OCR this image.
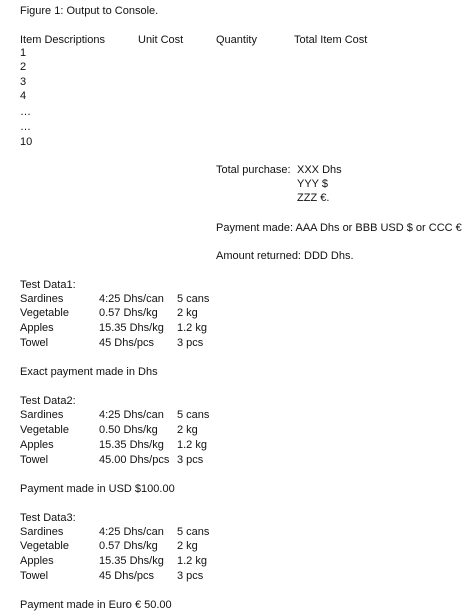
Figure 1: Output to Console.
Item Descriptions	Unit Cost	Quantity	Total Item Cost
1
2
3
4
…
…
10
Total purchase: XXX Dhs
YYY $
ZZZ €.
Payment made: AAA Dhs or BBB USD $ or CCC €
Amount returned: DDD Dhs.
Test Data1:
Sardines	4:25 Dhs/can 5 cans
Vegetable	0.57 Dhs/kg 2 kg
Apples	15.35 Dhs/kg 1.2 kg
Towel	45 Dhs/pcs 3 pcs
Exact payment made in Dhs
Test Data2:
Sardines	4:25 Dhs/can 5 cans
Vegetable	0.50 Dhs/kg 2 kg
Apples	15.35 Dhs/kg 1.2 kg
Towel	45.00 Dhs/pcs 3 pcs
Payment made in USD $100.00
Test Data3:
Sardines	4:25 Dhs/can 5 cans
Vegetable	0.57 Dhs/kg 2 kg
Apples	15.35 Dhs/kg 1.2 kg
Towel	45 Dhs/pcs 3 pcs
Payment made in Euro € 50.00
